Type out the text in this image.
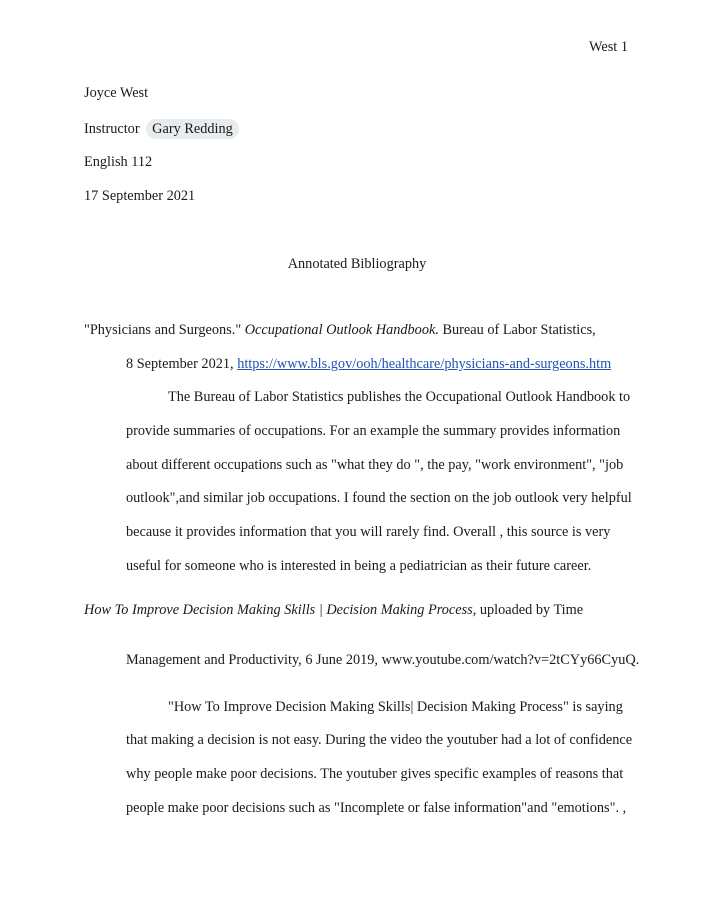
West 1
Joyce West
Instructor Gary Redding
English 112
17 September 2021
Annotated Bibliography
"Physicians and Surgeons." Occupational Outlook Handbook. Bureau of Labor Statistics,
8 September 2021, https://www.bls.gov/ooh/healthcare/physicians-and-surgeons.htm
The Bureau of Labor Statistics publishes the Occupational Outlook Handbook to
provide summaries of occupations. For an example the summary provides information
about different occupations such as "what they do ", the pay, "work environment", "job
outlook",and similar job occupations. I found the section on the job outlook very helpful
because it provides information that you will rarely find. Overall , this source is very
useful for someone who is interested in being a pediatrician as their future career.
How To Improve Decision Making Skills | Decision Making Process, uploaded by Time
Management and Productivity, 6 June 2019, www.youtube.com/watch?v=2tCYy66CyuQ.
"How To Improve Decision Making Skills| Decision Making Process" is saying
that making a decision is not easy. During the video the youtuber had a lot of confidence
why people make poor decisions. The youtuber gives specific examples of reasons that
people make poor decisions such as "Incomplete or false information"and "emotions". ,
